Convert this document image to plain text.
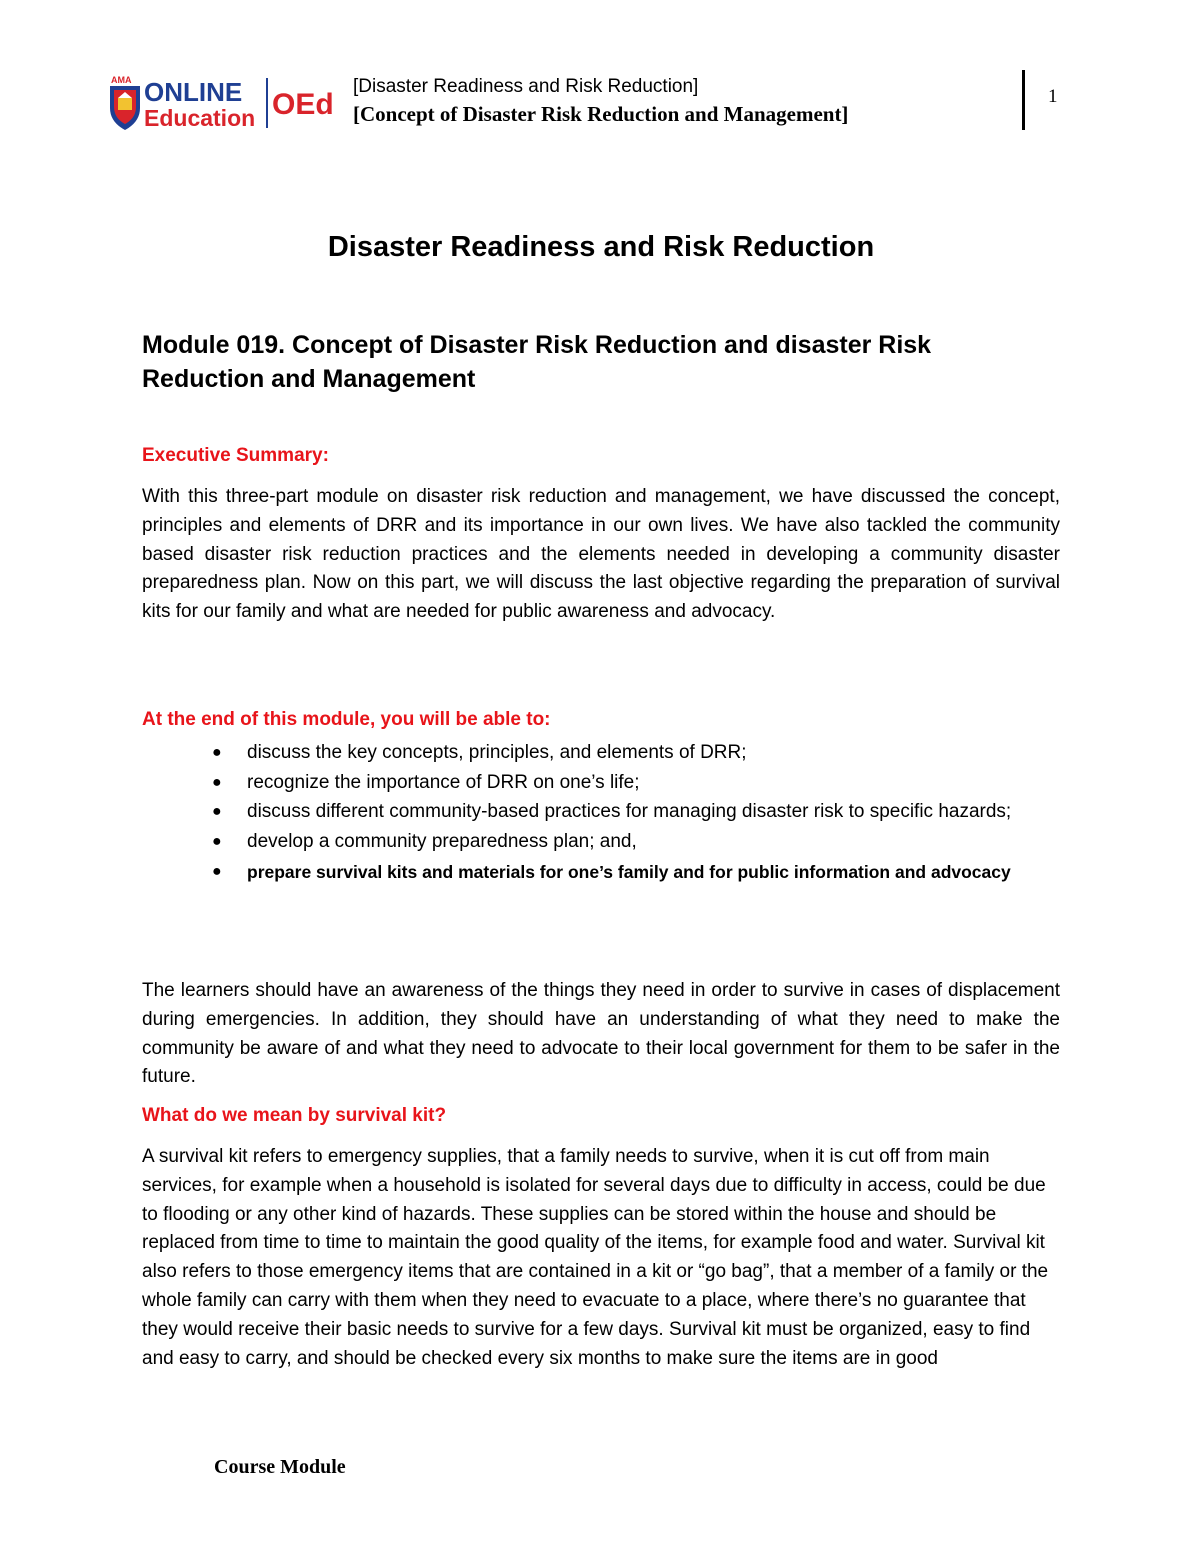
AMA ONLINE
Education OEd
[Disaster Readiness and Risk Reduction]
[Concept of Disaster Risk Reduction and Management]
1
Disaster Readiness and Risk Reduction
Module 019. Concept of Disaster Risk Reduction and disaster Risk
Reduction and Management

Executive Summary:

With this three-part module on disaster risk reduction and management, we have discussed the concept, principles and elements of DRR and its importance in our own lives. We have also tackled the community based disaster risk reduction practices and the elements needed in developing a community disaster preparedness plan. Now on this part, we will discuss the last objective regarding the preparation of survival kits for our family and what are needed for public awareness and advocacy.

At the end of this module, you will be able to:

● discuss the key concepts, principles, and elements of DRR;
● recognize the importance of DRR on one’s life;
● discuss different community-based practices for managing disaster risk to specific hazards;
● develop a community preparedness plan; and,
● prepare survival kits and materials for one’s family and for public information and advocacy

The learners should have an awareness of the things they need in order to survive in cases of displacement during emergencies. In addition, they should have an understanding of what they need to make the community be aware of and what they need to advocate to their local government for them to be safer in the future.

What do we mean by survival kit?

A survival kit refers to emergency supplies, that a family needs to survive, when it is cut off from main services, for example when a household is isolated for several days due to difficulty in access, could be due to flooding or any other kind of hazards. These supplies can be stored within the house and should be replaced from time to time to maintain the good quality of the items, for example food and water. Survival kit also refers to those emergency items that are contained in a kit or “go bag”, that a member of a family or the whole family can carry with them when they need to evacuate to a place, where there’s no guarantee that they would receive their basic needs to survive for a few days. Survival kit must be organized, easy to find and easy to carry, and should be checked every six months to make sure the items are in good

Course Module
